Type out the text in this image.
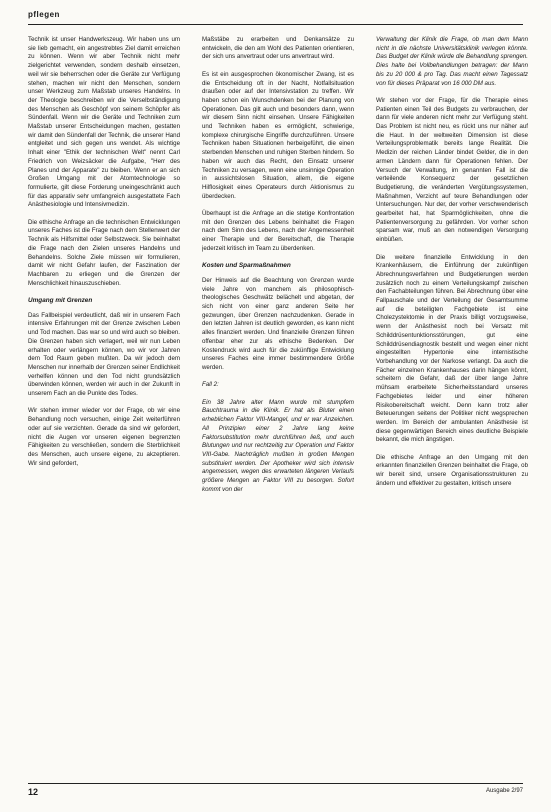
pflegen

Technik ist unser Handwerkszeug. Wir haben uns um sie lieb gemacht, ein angestrebtes Ziel damit erreichen zu können. Wenn wir aber Technik nicht mehr zielgerichtet verwenden, sondern deshalb einsetzen, weil wir sie beherrschen oder die Geräte zur Verfügung stehen, machen wir nicht den Menschen, sondern unser Werkzeug zum Maßstab unseres Handelns. In der Theologie beschreiben wir die Verselbständigung des Menschen als Geschöpf von seinem Schöpfer als Sündenfall. Wenn wir die Geräte und Techniken zum Maßstab unserer Entscheidungen machen, gestatten wir damit den Sündenfall der Technik, die unserer Hand entgleitet und sich gegen uns wendet. Als wichtige Inhalt einer "Ethik der technischen Welt" nennt Carl Friedrich von Weizsäcker die Aufgabe, "Herr des Planes und der Apparate" zu bleiben. Wenn er an sich Großen Umgang mit der Atomtechnologie so formulierte, gilt diese Forderung uneingeschränkt auch für das apparativ sehr umfangreich ausgestattete Fach Anästhesiologie und Intensivmedizin.

Die ethische Anfrage an die technischen Entwicklungen unseres Faches ist die Frage nach dem Stellenwert der Technik als Hilfsmittel oder Selbstzweck. Sie beinhaltet die Frage nach den Zielen unseres Handelns und Behandelns. Solche Ziele müssen wir formulieren, damit wir nicht Gefahr laufen, der Faszination der Machbaren zu erliegen und die Grenzen der Menschlichkeit hinauszuschieben.

Umgang mit Grenzen

Das Fallbeispiel verdeutlicht, daß wir in unserem Fach intensive Erfahrungen mit der Grenze zwischen Leben und Tod machen. Das war so und wird auch so bleiben. Die Grenzen haben sich verlagert, weil wir nun Leben erhalten oder verlängern können, wo wir vor Jahren dem Tod Raum geben mußten. Da wir jedoch dem Menschen nur innerhalb der Grenzen seiner Endlichkeit verhelfen können und den Tod nicht grundsätzlich überwinden können, werden wir auch in der Zukunft in unserem Fach an die Punkte des Todes.

Wir stehen immer wieder vor der Frage, ob wir eine Behandlung noch versuchen, einige Zeit weiterführen oder auf sie verzichten. Gerade da sind wir gefordert, nicht die Augen vor unseren eigenen begrenzten Fähigkeiten zu verschließen, sondern die Sterblichkeit des Menschen, auch unsere eigene, zu akzeptieren. Wir sind gefordert,

Maßstäbe zu erarbeiten und Denkansätze zu entwickeln, die den am Wohl des Patienten orientieren, der sich uns anvertraut oder uns anvertraut wird.

Es ist ein ausgesprochen ökonomischer Zwang, ist es die Entscheidung oft in der Nacht, Notfallsituation draußen oder auf der Intensivstation zu treffen. Wir haben schon ein Wunschdenken bei der Planung von Operationen. Das gilt auch und besonders dann, wenn wir diesem Sinn nicht einsehen. Unsere Fähigkeiten und Techniken haben es ermöglicht, schwierige, komplexe chirurgische Eingriffe durchzuführen. Unsere Techniken haben Situationen herbeigeführt, die einen sterbenden Menschen und ruhigen Sterben hindern. So haben wir auch das Recht, den Einsatz unserer Techniken zu versagen, wenn eine unsinnige Operation in aussichtslosen Situation, allem, die eigene Hilflosigkeit eines Operateurs durch Aktionismus zu überdecken.

Überhaupt ist die Anfrage an die stetige Konfrontation mit den Grenzen des Lebens beinhaltet die Fragen nach dem Sinn des Lebens, nach der Angemessenheit einer Therapie und der Bereitschaft, die Therapie jederzeit kritisch im Team zu überdenken.

Kosten und Sparmaßnahmen

Der Hinweis auf die Beachtung von Grenzen wurde viele Jahre von manchem als philosophisch-theologisches Geschwätz belächelt und abgetan, der sich nicht von einer ganz anderen Seite her gezwungen, über Grenzen nachzudenken. Gerade in den letzten Jahren ist deutlich geworden, es kann nicht alles finanziert werden. Und finanzielle Grenzen führen offenbar eher zur als ethische Bedenken. Der Kostendruck wird auch für die zukünftige Entwicklung unseres Faches eine immer bestimmendere Größe werden.

Fall 2:

Ein 38 Jahre alter Mann wurde mit stumpfem Bauchtrauma in die Klinik. Er hat als Bluter einen erheblichen Faktor VIII-Mangel, und er war Anzeichen. All Prinzipien einer 2 Jahre lang keine Faktorsubstitution mehr durchführen ließ, und auch Blutungen und nur rechtzeitig zur Operation und Faktor VIII-Gabe. Nachträglich mußten in großen Mengen substituiert werden. Der Apotheker wird sich intensiv angemessen, wegen des erwarteten längeren Verlaufs größere Mengen an Faktor VIII zu besorgen. Sofort kommt von der

Verwaltung der Klinik die Frage, ob man dem Mann nicht in die nächste Universitätsklinik verlegen könnte. Das Budget der Klinik würde die Behandlung sprengen. Dies halte bei Vollbehandlungen betragen: der Mann bis zu 20 000 & pro Tag. Das macht einen Tagessatz von für dieses Präparat von 16 000 DM aus.

Wir stehen vor der Frage, für die Therapie eines Patienten einen Teil des Budgets zu verbrauchen, der dann für viele anderen nicht mehr zur Verfügung steht. Das Problem ist nicht neu, es rückt uns nur näher auf die Haut. In der weltweiten Dimension ist diese Verteilungsproblematik bereits lange Realität. Die Medizin der reichen Länder bindet Gelder, die in den armen Ländern dann für Operationen fehlen. Der Versuch der Verwaltung, im genannten Fall ist die verteilende Konsequenz der gesetzlichen Budgetierung, die veränderten Vergütungssystemen, Maßnahmen, Verzicht auf teure Behandlungen oder Untersuchungen. Nur der, der vorher verschwenderisch gearbeitet hat, hat Sparmöglichkeiten, ohne die Patientenversorgung zu gefährden. Vor vorher schon sparsam war, muß an den notwendigen Versorgung einbüßen.

Die weitere finanzielle Entwicklung in den Krankenhäusern, die Einführung der zukünftigen Abrechnungsverfahren und Budgetierungen werden zusätzlich noch zu einem Verteilungskampf zwischen den Fachabteilungen führen. Bei Abrechnung über eine Fallpauschale und der Verteilung der Gesamtsumme auf die beteiligten Fachgebiete ist eine Cholezystektomie in der Praxis billigt vorzugsweise, wenn der Anästhesist noch bei Versatz mit Schilddrüsentunktionsstörungen, gut eine Schilddrüsendiagnostik bestellt und wegen einer nicht eingestellten Hypertonie eine internistische Vorbehandlung vor der Narkose verlangt. Da auch die Fächer einzelnen Krankenhauses darin hängen könnt, scheitern die Gefahr, daß der über lange Jahre mühsam erarbeitete Sicherheitsstandard unseres Fachgebietes leider und einer höheren Risikobereitschaft weicht. Denn kann trotz aller Beteuerungen seitens der Politiker nicht wegsprechen werden. Im Bereich der ambulanten Anästhesie ist diese gegenwärtigen Bereich eines deutliche Beispiele bekannt, die mich ängstigen.

Die ethische Anfrage an den Umgang mit den erkannten finanziellen Grenzen beinhaltet die Frage, ob wir bereit sind, unsere Organisationsstrukturen zu ändern und effektiver zu gestalten, kritisch unsere

12	Ausgabe 2/97
